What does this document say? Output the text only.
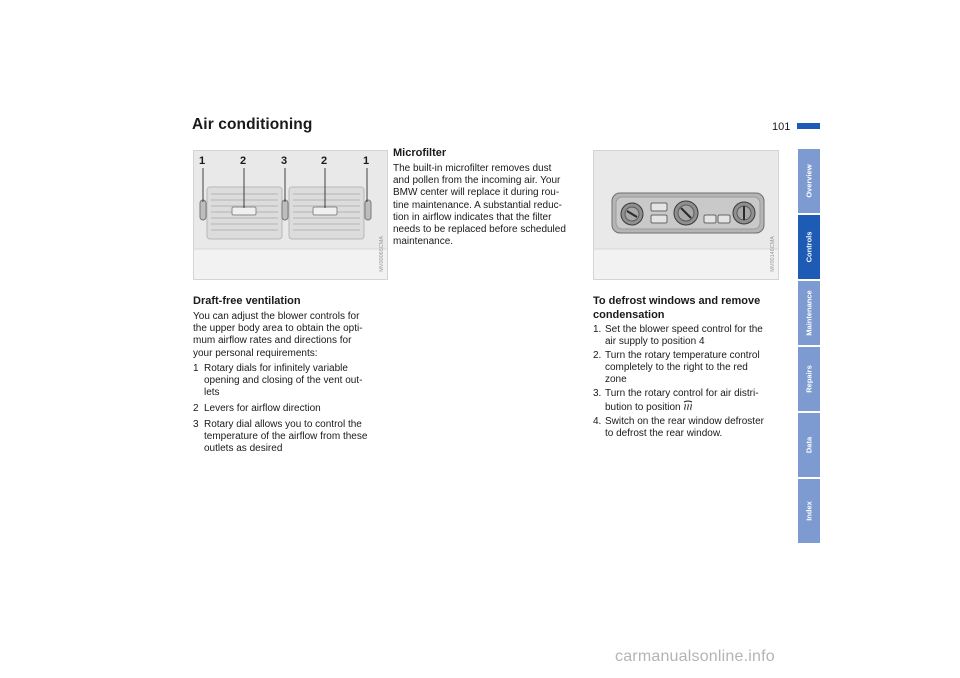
Air conditioning	101
1	2	3	2	1
MV00065CMA	MV00146CMA
Microfilter
The built-in microfilter removes dust
and pollen from the incoming air. Your
BMW center will replace it during rou-
tine maintenance. A substantial reduc-
tion in airflow indicates that the filter
needs to be replaced before scheduled
maintenance.
Draft-free ventilation
You can adjust the blower controls for
the upper body area to obtain the opti-
mum airflow rates and directions for
your personal requirements:
1 Rotary dials for infinitely variable
opening and closing of the vent out-
lets
2 Levers for airflow direction
3 Rotary dial allows you to control the
temperature of the airflow from these
outlets as desired
To defrost windows and remove
condensation
1. Set the blower speed control for the
air supply to position 4
2. Turn the rotary temperature control
completely to the right to the red
zone
3. Turn the rotary control for air distri-
bution to position
4. Switch on the rear window defroster
to defrost the rear window.
Overview
Controls
Maintenance
Repairs
Data
Index
carmanualsonline.info
